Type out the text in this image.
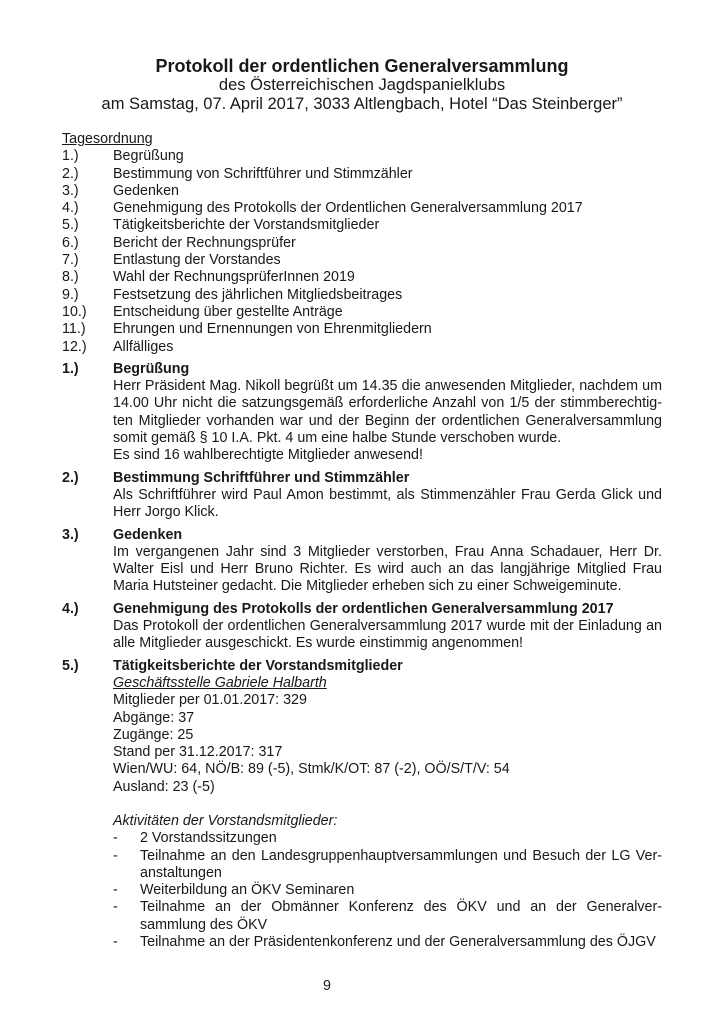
Protokoll der ordentlichen Generalversammlung
des Österreichischen Jagdspanielklubs
am Samstag, 07. April 2017, 3033 Altlengbach, Hotel “Das Steinberger”
Tagesordnung
1.)	Begrüßung
2.)	Bestimmung von Schriftführer und Stimmzähler
3.)	Gedenken
4.)	Genehmigung des Protokolls der Ordentlichen Generalversammlung 2017
5.)	Tätigkeitsberichte der Vorstandsmitglieder
6.)	Bericht der Rechnungsprüfer
7.)	Entlastung der Vorstandes
8.)	Wahl der RechnungsprüferInnen 2019
9.)	Festsetzung des jährlichen Mitgliedsbeitrages
10.)	Entscheidung über gestellte Anträge
11.)	Ehrungen und Ernennungen von Ehrenmitgliedern
12.)	Allfälliges
1.)	Begrüßung
Herr Präsident Mag. Nikoll begrüßt um 14.35 die anwesenden Mitglieder, nachdem um
14.00 Uhr nicht die satzungsgemäß erforderliche Anzahl von 1/5 der stimmberechtig-
ten Mitglieder vorhanden war und der Beginn der ordentlichen Generalversammlung
somit gemäß § 10 I.A. Pkt. 4 um eine halbe Stunde verschoben wurde.
Es sind 16 wahlberechtigte Mitglieder anwesend!
2.)	Bestimmung Schriftführer und Stimmzähler
Als Schriftführer wird Paul Amon bestimmt, als Stimmenzähler Frau Gerda Glick und
Herr Jorgo Klick.
3.)	Gedenken
Im vergangenen Jahr sind 3 Mitglieder verstorben, Frau Anna Schadauer, Herr Dr.
Walter Eisl und Herr Bruno Richter. Es wird auch an das langjährige Mitglied Frau
Maria Hutsteiner gedacht. Die Mitglieder erheben sich zu einer Schweigeminute.
4.)	Genehmigung des Protokolls der ordentlichen Generalversammlung 2017
Das Protokoll der ordentlichen Generalversammlung 2017 wurde mit der Einladung an
alle Mitglieder ausgeschickt. Es wurde einstimmig angenommen!
5.)	Tätigkeitsberichte der Vorstandsmitglieder
Geschäftsstelle Gabriele Halbarth
Mitglieder per 01.01.2017: 329
Abgänge: 37
Zugänge: 25
Stand per 31.12.2017: 317
Wien/WU: 64, NÖ/B: 89 (-5), Stmk/K/OT: 87 (-2), OÖ/S/T/V: 54
Ausland: 23 (-5)
Aktivitäten der Vorstandsmitglieder:
-	2 Vorstandssitzungen
-	Teilnahme an den Landesgruppenhauptversammlungen und Besuch der LG Ver-
anstaltungen
-	Weiterbildung an ÖKV Seminaren
-	Teilnahme an der Obmänner Konferenz des ÖKV und an der Generalver-
sammlung des ÖKV
-	Teilnahme an der Präsidentenkonferenz und der Generalversammlung des ÖJGV
9
